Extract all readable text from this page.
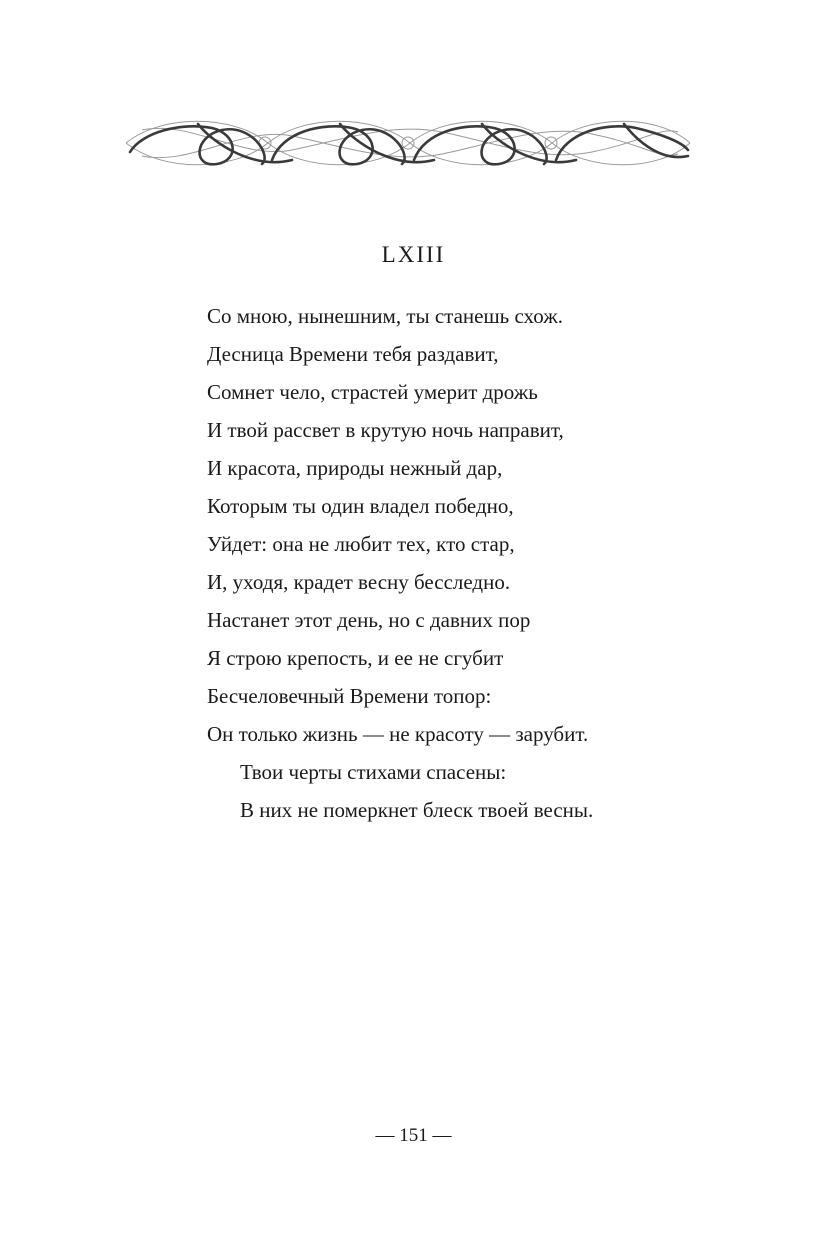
LXIII
Со мною, нынешним, ты станешь схож.
Десница Времени тебя раздавит,
Сомнет чело, страстей умерит дрожь
И твой рассвет в крутую ночь направит,
И красота, природы нежный дар,
Которым ты один владел победно,
Уйдет: она не любит тех, кто стар,
И, уходя, крадет весну бесследно.
Настанет этот день, но с давних пор
Я строю крепость, и ее не сгубит
Бесчеловечный Времени топор:
Он только жизнь — не красоту — зарубит.
Твои черты стихами спасены:
В них не померкнет блеск твоей весны.
— 151 —
